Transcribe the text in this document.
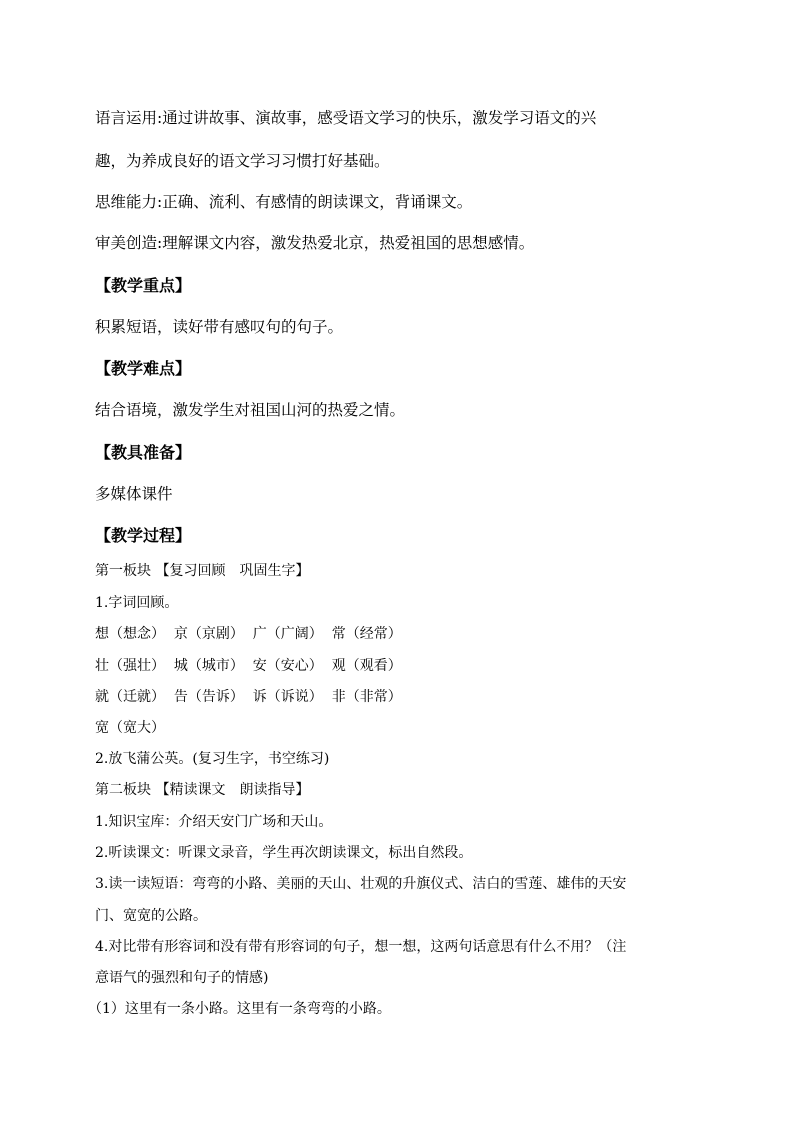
语言运用:通过讲故事、演故事，感受语文学习的快乐，激发学习语文的兴

趣，为养成良好的语文学习习惯打好基础。

思维能力:正确、流利、有感情的朗读课文，背诵课文。

审美创造:理解课文内容，激发热爱北京，热爱祖国的思想感情。

【教学重点】

积累短语，读好带有感叹句的句子。

【教学难点】

结合语境，激发学生对祖国山河的热爱之情。

【教具准备】

多媒体课件

【教学过程】

第一板块 【复习回顾　巩固生字】

1.字词回顾。

想（想念）  京（京剧）  广（广阔）  常（经常）

壮（强壮）  城（城市）  安（安心）  观（观看）

就（迁就）  告（告诉）  诉（诉说）  非（非常）

宽（宽大）

2.放飞蒲公英。(复习生字，书空练习)

第二板块 【精读课文　朗读指导】

1.知识宝库：介绍天安门广场和天山。

2.听读课文：听课文录音，学生再次朗读课文，标出自然段。

3.读一读短语：弯弯的小路、美丽的天山、壮观的升旗仪式、洁白的雪莲、雄伟的天安

门、宽宽的公路。

4.对比带有形容词和没有带有形容词的句子，想一想，这两句话意思有什么不用？（注

意语气的强烈和句子的情感)

（1）这里有一条小路。这里有一条弯弯的小路。
